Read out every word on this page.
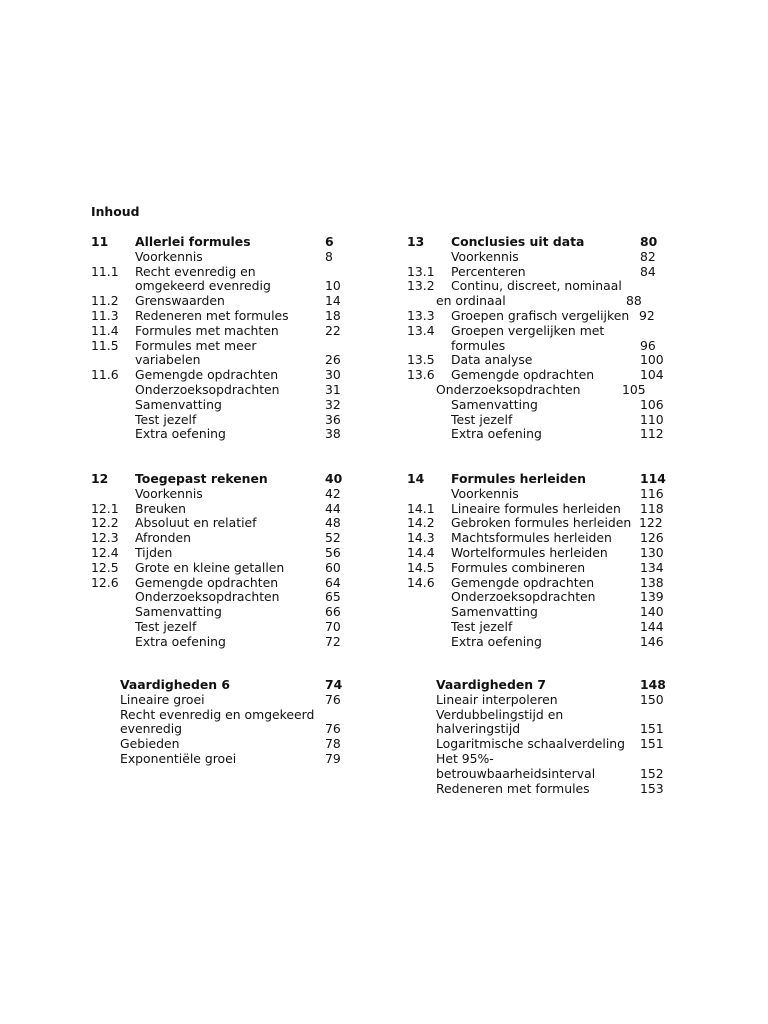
Inhoud
11 Allerlei formules	6
Voorkennis	8
11.1 Recht evenredig en
omgekeerd evenredig	10
11.2 Grenswaarden	14
11.3 Redeneren met formules	18
11.4 Formules met machten	22
11.5 Formules met meer
variabelen	26
11.6 Gemengde opdrachten	30
Onderzoeksopdrachten	31
Samenvatting	32
Test jezelf	36
Extra oefening	38
12 Toegepast rekenen	40
Voorkennis	42
12.1 Breuken	44
12.2 Absoluut en relatief	48
12.3 Afronden	52
12.4 Tijden	56
12.5 Grote en kleine getallen	60
12.6 Gemengde opdrachten	64
Onderzoeksopdrachten	65
Samenvatting	66
Test jezelf	70
Extra oefening	72
Vaardigheden 6	74
Lineaire groei	76
Recht evenredig en omgekeerd
evenredig	76
Gebieden	78
Exponentiële groei	79
13 Conclusies uit data	80
Voorkennis	82
13.1 Percenteren	84
13.2 Continu, discreet, nominaal
en ordinaal	88
13.3 Groepen grafisch vergelijken 92
13.4 Groepen vergelijken met
formules	96
13.5 Data analyse	100
13.6 Gemengde opdrachten	104
Onderzoeksopdrachten	105
Samenvatting	106
Test jezelf	110
Extra oefening	112
14 Formules herleiden	114
Voorkennis	116
14.1 Lineaire formules herleiden 118
14.2 Gebroken formules herleiden 122
14.3 Machtsformules herleiden 126
14.4 Wortelformules herleiden	130
14.5 Formules combineren	134
14.6 Gemengde opdrachten	138
Onderzoeksopdrachten	139
Samenvatting	140
Test jezelf	144
Extra oefening	146
Vaardigheden 7	148
Lineair interpoleren	150
Verdubbelingstijd en
halveringstijd	151
Logaritmische schaalverdeling 151
Het 95%-
betrouwbaarheidsinterval	152
Redeneren met formules	153
